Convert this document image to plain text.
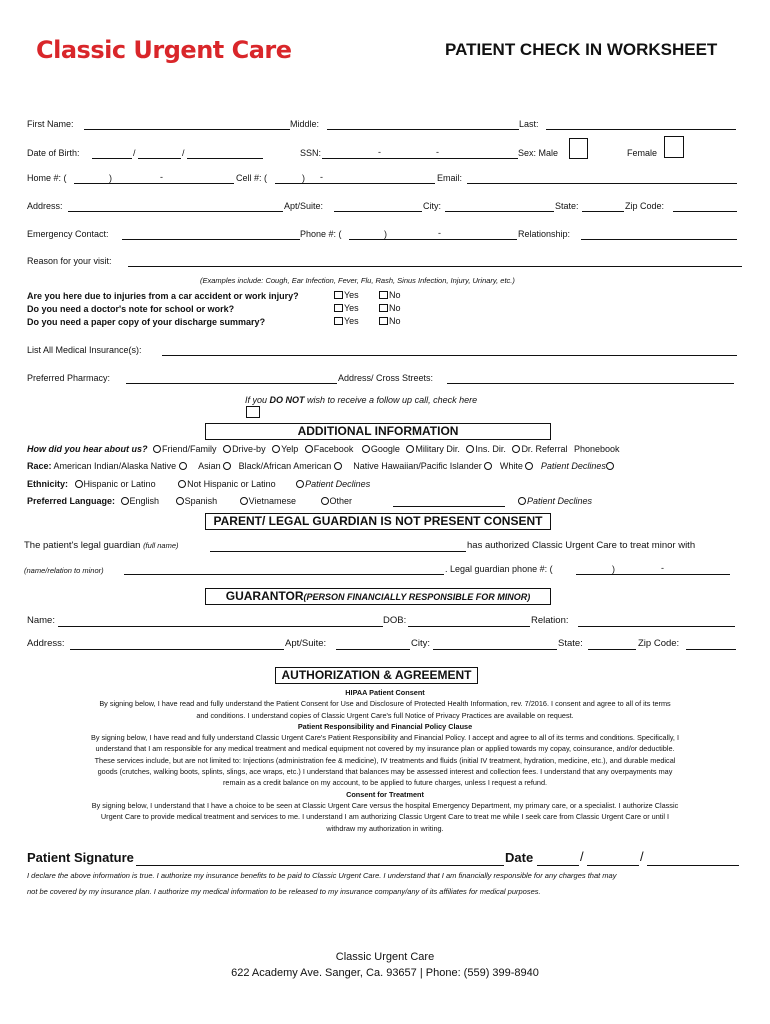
Classic Urgent Care	PATIENT CHECK IN WORKSHEET
First Name:	Middle:	Last:
Date of Birth:	/	/	SSN:	-	-	Sex: Male	Female
Home #: (	)	-	Cell #: (	) -	Email:
Address:	Apt/Suite:	City:	State:	Zip Code:
Emergency Contact:	Phone #: (	)	-	Relationship:
Reason for your visit:
(Examples include: Cough, Ear Infection, Fever, Flu, Rash, Sinus Infection, Injury, Urinary, etc.)
Are you here due to injuries from a car accident or work injury?	Yes	No
Do you need a doctor's note for school or work?	Yes	No
Do you need a paper copy of your discharge summary?	Yes	No
List All Medical Insurance(s):
Preferred Pharmacy:	Address/ Cross Streets:
If you DO NOT wish to receive a follow up call, check here
ADDITIONAL INFORMATION
How did you hear about us? Friend/Family Drive-by Yelp Facebook Google Military Dir. Ins. Dir. Dr. Referral Phonebook
Race: American Indian/Alaska Native Asian Black/African American Native Hawaiian/Pacific Islander White Patient Declines
Ethnicity: Hispanic or Latino	Not Hispanic or Latino	Patient Declines
Preferred Language: English	Spanish	Vietnamese	Other	Patient Declines
PARENT/ LEGAL GUARDIAN IS NOT PRESENT CONSENT
The patient's legal guardian (full name)	has authorized Classic Urgent Care to treat minor with
(name/relation to minor)	. Legal guardian phone #: (	)	-
GUARANTOR(PERSON FINANCIALLY RESPONSIBLE FOR MINOR)
Name:	DOB:	Relation:
Address:	Apt/Suite:	City:	State:	Zip Code:
AUTHORIZATION & AGREEMENT
HIPAA Patient Consent
By signing below, I have read and fully understand the Patient Consent for Use and Disclosure of Protected Health Information, rev. 7/2016. I consent and agree to all of its terms
and conditions. I understand copies of Classic Urgent Care's full Notice of Privacy Practices are available on request.
Patient Responsibility and Financial Policy Clause
By signing below, I have read and fully understand Classic Urgent Care's Patient Responsibility and Financial Policy. I accept and agree to all of its terms and conditions. Specifically, I
understand that I am responsible for any medical treatment and medical equipment not covered by my insurance plan or applied towards my copay, coinsurance, and/or deductible.
These services include, but are not limited to: Injections (administration fee & medicine), IV treatments and fluids (initial IV treatment, hydration, medicine, etc.), and durable medical
goods (crutches, walking boots, splints, slings, ace wraps, etc.) I understand that balances may be assessed interest and collection fees. I understand that any overpayments may
remain as a credit balance on my account, to be applied to future charges, unless I request a refund.
Consent for Treatment
By signing below, I understand that I have a choice to be seen at Classic Urgent Care versus the hospital Emergency Department, my primary care, or a specialist. I authorize Classic
Urgent Care to provide medical treatment and services to me. I understand I am authorizing Classic Urgent Care to treat me while I seek care from Classic Urgent Care or until I
withdraw my authorization in writing.
Patient Signature	Date	/	/
I declare the above information is true. I authorize my insurance benefits to be paid to Classic Urgent Care. I understand that I am financially responsible for any charges that may
not be covered by my insurance plan. I authorize my medical information to be released to my insurance company/any of its affiliates for medical purposes.
Classic Urgent Care
622 Academy Ave. Sanger, Ca. 93657 | Phone: (559) 399-8940
